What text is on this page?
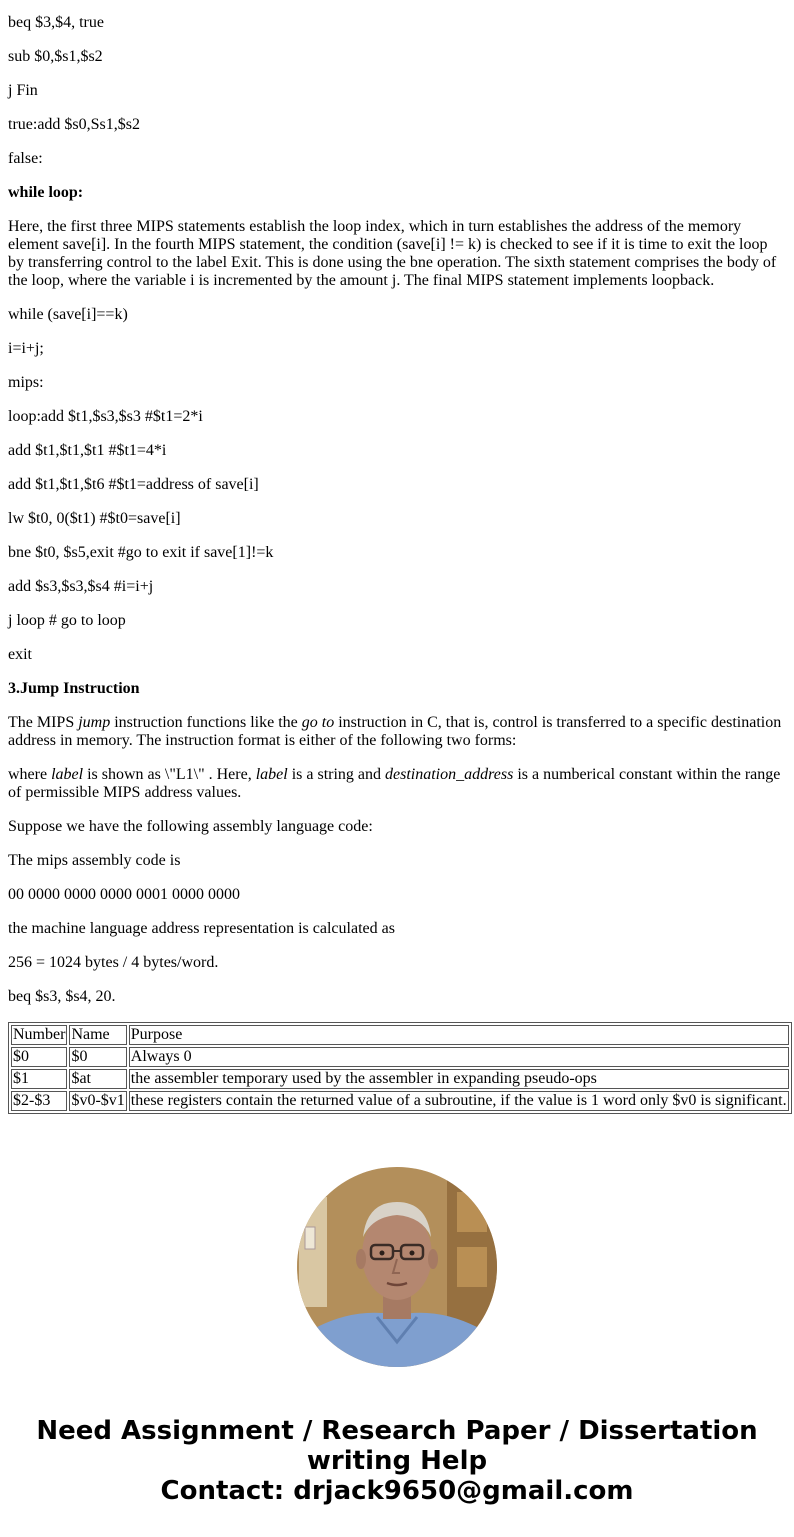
beq $3,$4, true

sub $0,$s1,$s2

j Fin

true:add $s0,Ss1,$s2

false:

while loop:

Here, the first three MIPS statements establish the loop index, which in turn establishes the address of the memory element save[i]. In the fourth MIPS statement, the condition (save[i] != k) is checked to see if it is time to exit the loop by transferring control to the label Exit. This is done using the bne operation. The sixth statement comprises the body of the loop, where the variable i is incremented by the amount j. The final MIPS statement implements loopback.

while (save[i]==k)

i=i+j;

mips:

loop:add $t1,$s3,$s3 #$t1=2*i

add $t1,$t1,$t1 #$t1=4*i

add $t1,$t1,$t6 #$t1=address of save[i]

lw $t0, 0($t1) #$t0=save[i]

bne $t0, $s5,exit #go to exit if save[1]!=k

add $s3,$s3,$s4 #i=i+j

j loop # go to loop

exit

3.Jump Instruction

The MIPS jump instruction functions like the go to instruction in C, that is, control is transferred to a specific destination address in memory. The instruction format is either of the following two forms:

where label is shown as \"L1\" . Here, label is a string and destination_address is a numberical constant within the range of permissible MIPS address values.

Suppose we have the following assembly language code:

The mips assembly code is

00 0000 0000 0000 0001 0000 0000

the machine language address representation is calculated as

256 = 1024 bytes / 4 bytes/word.

beq $s3, $s4, 20.

Number	Name	Purpose
$0	$0	Always 0
$1	$at	the assembler temporary used by the assembler in expanding pseudo-ops
$2-$3	$v0-$v1	these registers contain the returned value of a subroutine, if the value is 1 word only $v0 is significant.
Need Assignment / Research Paper / Dissertation
writing Help
Contact: drjack9650@gmail.com
